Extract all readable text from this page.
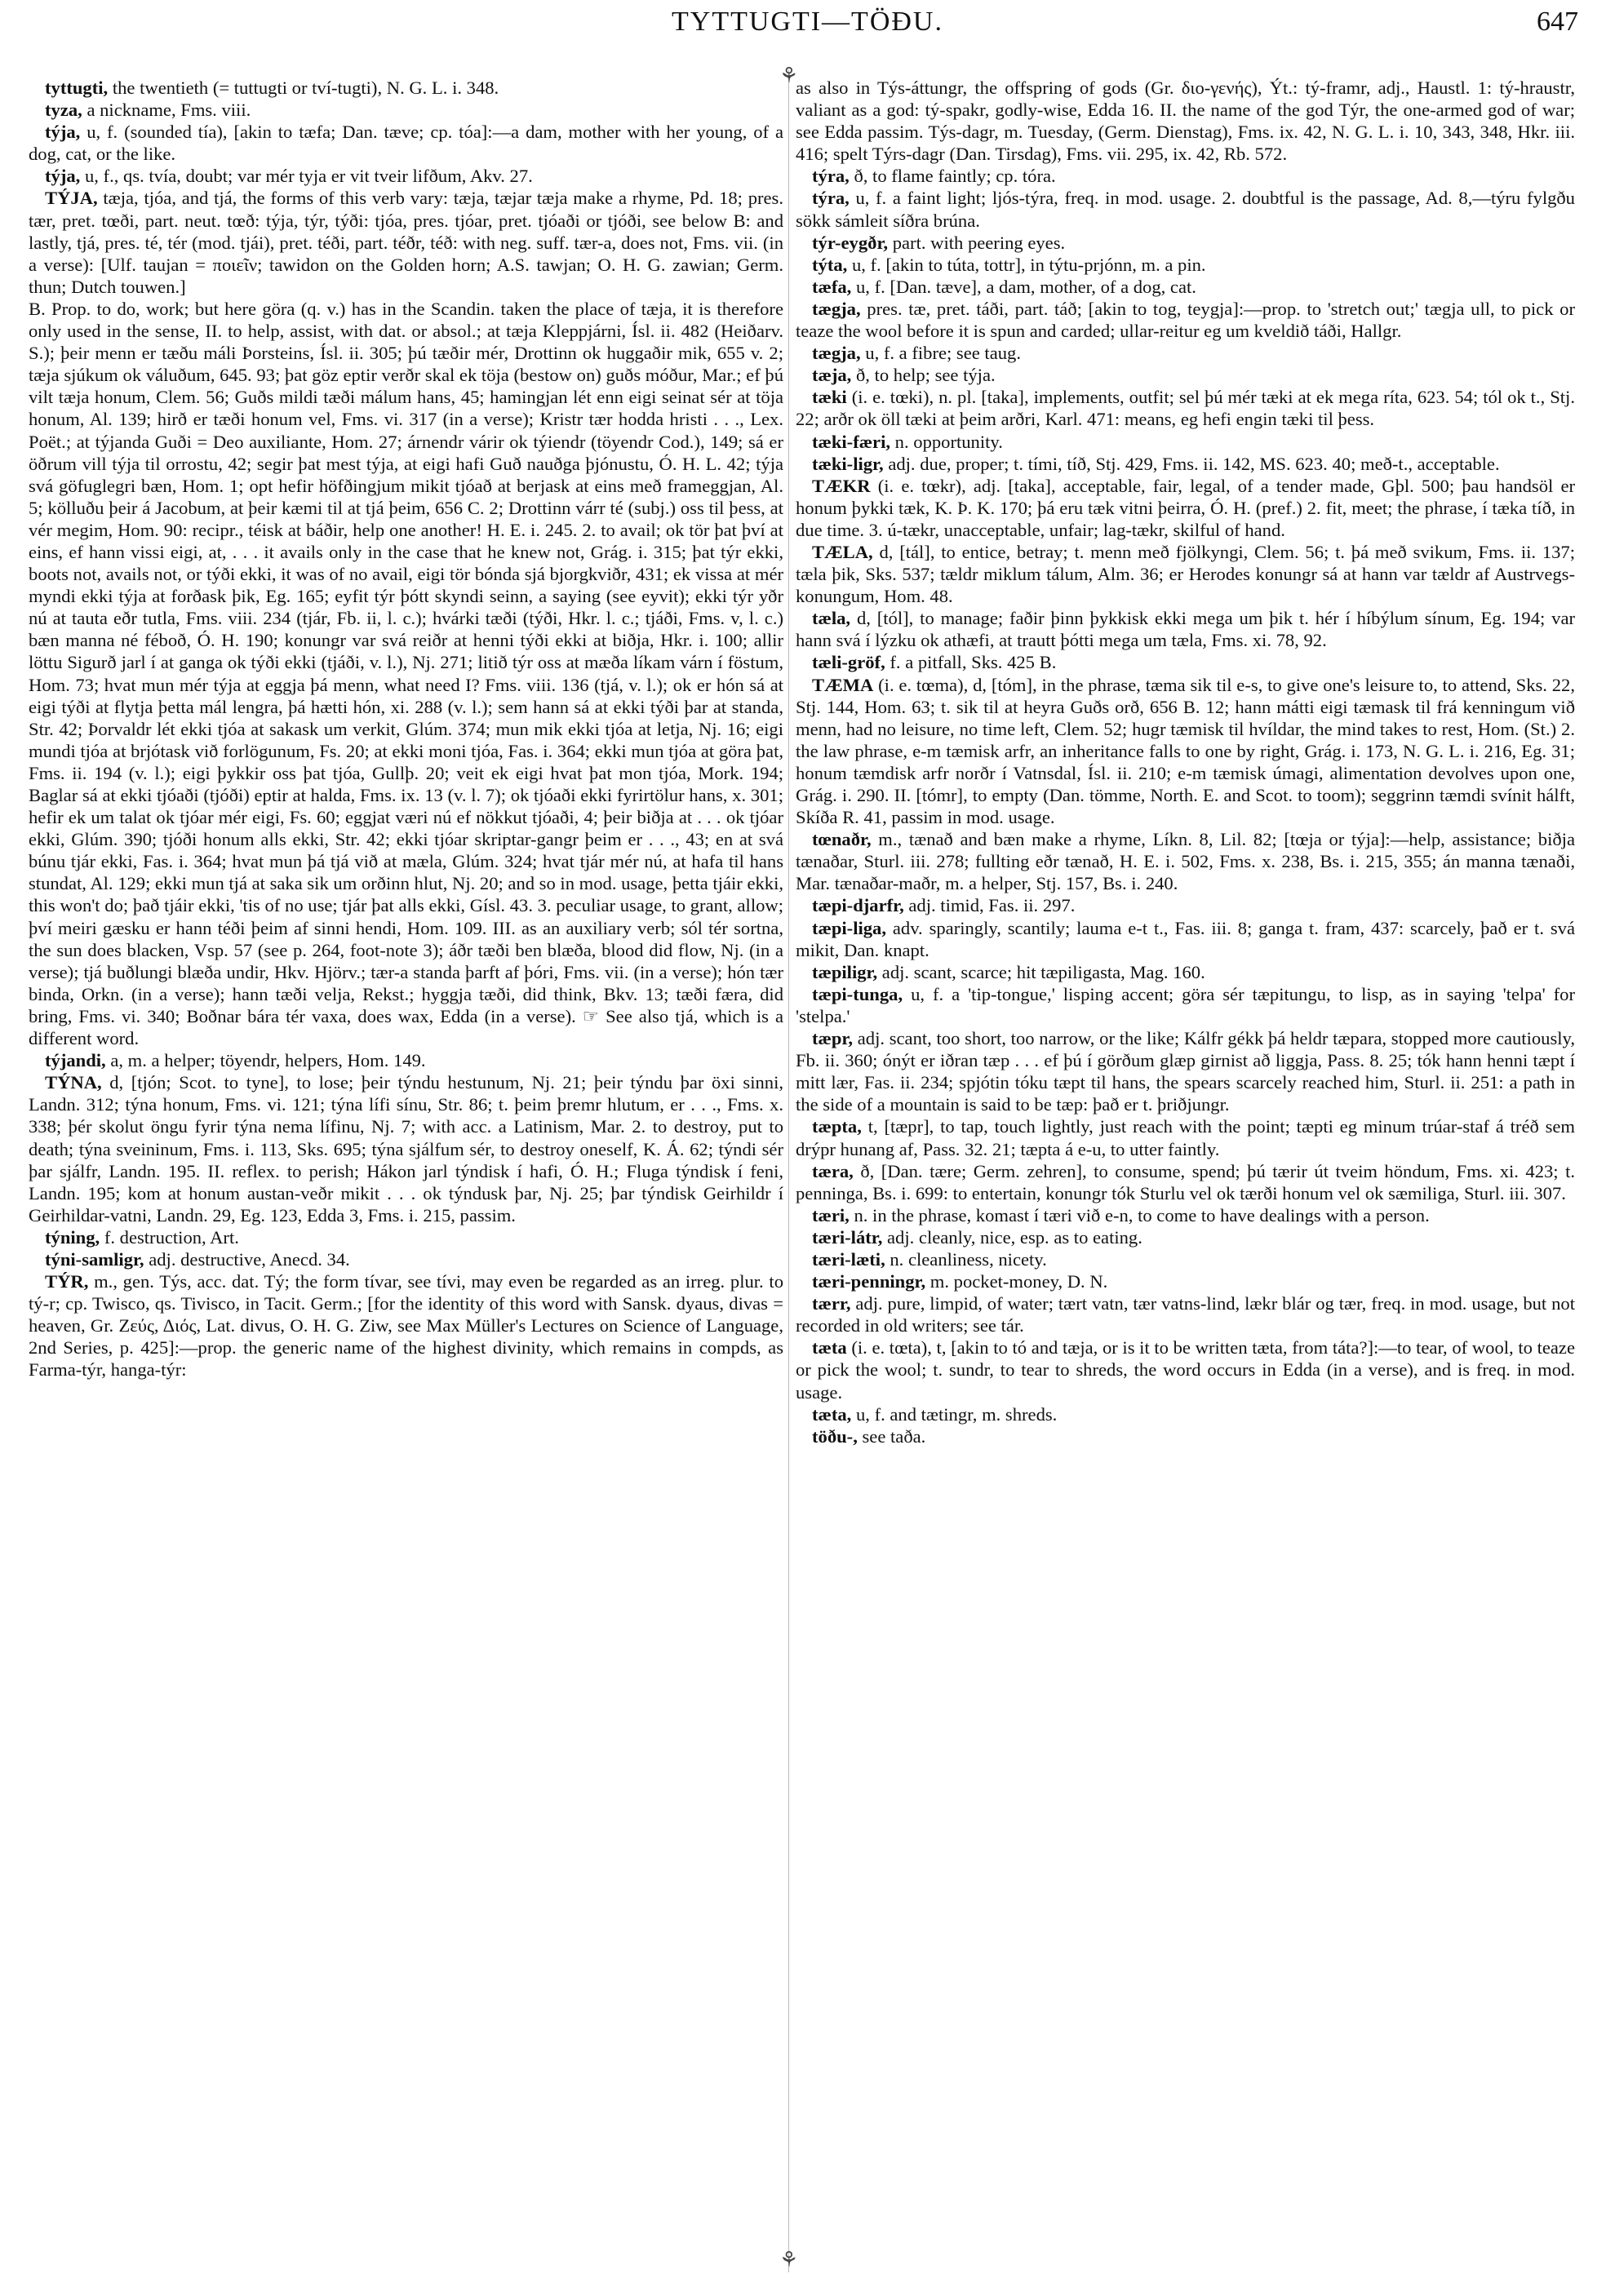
TYTTUGTI—TÖÐU.	647
⚘
⚘

tyttugti, the twentieth (= tuttugti or tví-tugti), N. G. L. i. 348.

tyza, a nickname, Fms. viii.

týja, u, f. (sounded tía), [akin to tæfa; Dan. tæve; cp. tóa]:—a dam, mother with her young, of a dog, cat, or the like.

týja, u, f., qs. tvía, doubt; var mér tyja er vit tveir lifðum, Akv. 27.

TÝJA, tæja, tjóa, and tjá, the forms of this verb vary: tæja, tæjar tæja make a rhyme, Pd. 18; pres. tær, pret. tœði, part. neut. tœð: týja, týr, týði: tjóa, pres. tjóar, pret. tjóaði or tjóði, see below B: and lastly, tjá, pres. té, tér (mod. tjái), pret. téði, part. téðr, téð: with neg. suff. tær-a, does not, Fms. vii. (in a verse): [Ulf. taujan = ποιεῖν; tawidon on the Golden horn; A.S. tawjan; O. H. G. zawian; Germ. thun; Dutch touwen.]

B. Prop. to do, work; but here göra (q. v.) has in the Scandin. taken the place of tæja, it is therefore only used in the sense, II. to help, assist, with dat. or absol.; at tæja Kleppjárni, Ísl. ii. 482 (Heiðarv. S.); þeir menn er tæðu máli Þorsteins, Ísl. ii. 305; þú tæðir mér, Drottinn ok huggaðir mik, 655 v. 2; tæja sjúkum ok váluðum, 645. 93; þat göz eptir verðr skal ek töja (bestow on) guðs móður, Mar.; ef þú vilt tæja honum, Clem. 56; Guðs mildi tæði málum hans, 45; hamingjan lét enn eigi seinat sér at töja honum, Al. 139; hirð er tæði honum vel, Fms. vi. 317 (in a verse); Kristr tær hodda hristi . . ., Lex. Poët.; at týjanda Guði = Deo auxiliante, Hom. 27; árnendr várir ok týiendr (töyendr Cod.), 149; sá er öðrum vill týja til orrostu, 42; segir þat mest týja, at eigi hafi Guð nauðga þjónustu, Ó. H. L. 42; týja svá göfuglegri bæn, Hom. 1; opt hefir höfðingjum mikit tjóað at berjask at eins með frameggjan, Al. 5; kölluðu þeir á Jacobum, at þeir kæmi til at tjá þeim, 656 C. 2; Drottinn várr té (subj.) oss til þess, at vér megim, Hom. 90: recipr., téisk at báðir, help one another! H. E. i. 245. 2. to avail; ok tör þat því at eins, ef hann vissi eigi, at, . . . it avails only in the case that he knew not, Grág. i. 315; þat týr ekki, boots not, avails not, or týði ekki, it was of no avail, eigi tör bónda sjá bjorgkviðr, 431; ek vissa at mér myndi ekki týja at forðask þik, Eg. 165; eyfit týr þótt skyndi seinn, a saying (see eyvit); ekki týr yðr nú at tauta eðr tutla, Fms. viii. 234 (tjár, Fb. ii, l. c.); hvárki tæði (týði, Hkr. l. c.; tjáði, Fms. v, l. c.) bæn manna né féboð, Ó. H. 190; konungr var svá reiðr at henni týði ekki at biðja, Hkr. i. 100; allir löttu Sigurð jarl í at ganga ok týði ekki (tjáði, v. l.), Nj. 271; litið týr oss at mæða líkam várn í föstum, Hom. 73; hvat mun mér týja at eggja þá menn, what need I? Fms. viii. 136 (tjá, v. l.); ok er hón sá at eigi týði at flytja þetta mál lengra, þá hætti hón, xi. 288 (v. l.); sem hann sá at ekki týði þar at standa, Str. 42; Þorvaldr lét ekki tjóa at sakask um verkit, Glúm. 374; mun mik ekki tjóa at letja, Nj. 16; eigi mundi tjóa at brjótask við forlögunum, Fs. 20; at ekki moni tjóa, Fas. i. 364; ekki mun tjóa at göra þat, Fms. ii. 194 (v. l.); eigi þykkir oss þat tjóa, Gullþ. 20; veit ek eigi hvat þat mon tjóa, Mork. 194; Baglar sá at ekki tjóaði (tjóði) eptir at halda, Fms. ix. 13 (v. l. 7); ok tjóaði ekki fyrirtölur hans, x. 301; hefir ek um talat ok tjóar mér eigi, Fs. 60; eggjat væri nú ef nökkut tjóaði, 4; þeir biðja at . . . ok tjóar ekki, Glúm. 390; tjóði honum alls ekki, Str. 42; ekki tjóar skriptar-gangr þeim er . . ., 43; en at svá búnu tjár ekki, Fas. i. 364; hvat mun þá tjá við at mæla, Glúm. 324; hvat tjár mér nú, at hafa til hans stundat, Al. 129; ekki mun tjá at saka sik um orðinn hlut, Nj. 20; and so in mod. usage, þetta tjáir ekki, this won't do; það tjáir ekki, 'tis of no use; tjár þat alls ekki, Gísl. 43. 3. peculiar usage, to grant, allow; því meiri gæsku er hann téði þeim af sinni hendi, Hom. 109. III. as an auxiliary verb; sól tér sortna, the sun does blacken, Vsp. 57 (see p. 264, foot-note 3); áðr tæði ben blæða, blood did flow, Nj. (in a verse); tjá buðlungi blæða undir, Hkv. Hjörv.; tær-a standa þarft af þóri, Fms. vii. (in a verse); hón tær binda, Orkn. (in a verse); hann tæði velja, Rekst.; hyggja tæði, did think, Bkv. 13; tæði færa, did bring, Fms. vi. 340; Boðnar bára tér vaxa, does wax, Edda (in a verse). ☞ See also tjá, which is a different word.

týjandi, a, m. a helper; töyendr, helpers, Hom. 149.

TÝNA, d, [tjón; Scot. to tyne], to lose; þeir týndu hestunum, Nj. 21; þeir týndu þar öxi sinni, Landn. 312; týna honum, Fms. vi. 121; týna lífi sínu, Str. 86; t. þeim þremr hlutum, er . . ., Fms. x. 338; þér skolut öngu fyrir týna nema lífinu, Nj. 7; with acc. a Latinism, Mar. 2. to destroy, put to death; týna sveininum, Fms. i. 113, Sks. 695; týna sjálfum sér, to destroy oneself, K. Á. 62; týndi sér þar sjálfr, Landn. 195. II. reflex. to perish; Hákon jarl týndisk í hafi, Ó. H.; Fluga týndisk í feni, Landn. 195; kom at honum austan-veðr mikit . . . ok týndusk þar, Nj. 25; þar týndisk Geirhildr í Geirhildar-vatni, Landn. 29, Eg. 123, Edda 3, Fms. i. 215, passim.

týning, f. destruction, Art.

týni-samligr, adj. destructive, Anecd. 34.

TÝR, m., gen. Týs, acc. dat. Tý; the form tívar, see tívi, may even be regarded as an irreg. plur. to tý-r; cp. Twisco, qs. Tivisco, in Tacit. Germ.; [for the identity of this word with Sansk. dyaus, divas = heaven, Gr. Ζεύς, Διός, Lat. divus, O. H. G. Ziw, see Max Müller's Lectures on Science of Language, 2nd Series, p. 425]:—prop. the generic name of the highest divinity, which remains in compds, as Farma-týr, hanga-týr:

as also in Týs-áttungr, the offspring of gods (Gr. διο-γενής), Ýt.: tý-framr, adj., Haustl. 1: tý-hraustr, valiant as a god: tý-spakr, godly-wise, Edda 16. II. the name of the god Týr, the one-armed god of war; see Edda passim. Týs-dagr, m. Tuesday, (Germ. Dienstag), Fms. ix. 42, N. G. L. i. 10, 343, 348, Hkr. iii. 416; spelt Týrs-dagr (Dan. Tirsdag), Fms. vii. 295, ix. 42, Rb. 572.

týra, ð, to flame faintly; cp. tóra.

týra, u, f. a faint light; ljós-týra, freq. in mod. usage. 2. doubtful is the passage, Ad. 8,—týru fylgðu sökk sámleit síðra brúna.

týr-eygðr, part. with peering eyes.

týta, u, f. [akin to túta, tottr], in týtu-prjónn, m. a pin.

tæfa, u, f. [Dan. tæve], a dam, mother, of a dog, cat.

tægja, pres. tæ, pret. táði, part. táð; [akin to tog, teygja]:—prop. to 'stretch out;' tægja ull, to pick or teaze the wool before it is spun and carded; ullar-reitur eg um kveldið táði, Hallgr.

tægja, u, f. a fibre; see taug.

tæja, ð, to help; see týja.

tæki (i. e. tœki), n. pl. [taka], implements, outfit; sel þú mér tæki at ek mega ríta, 623. 54; tól ok t., Stj. 22; arðr ok öll tæki at þeim arðri, Karl. 471: means, eg hefi engin tæki til þess.

tæki-færi, n. opportunity.

tæki-ligr, adj. due, proper; t. tími, tíð, Stj. 429, Fms. ii. 142, MS. 623. 40; með-t., acceptable.

TÆKR (i. e. tœkr), adj. [taka], acceptable, fair, legal, of a tender made, Gþl. 500; þau handsöl er honum þykki tæk, K. Þ. K. 170; þá eru tæk vitni þeirra, Ó. H. (pref.) 2. fit, meet; the phrase, í tæka tíð, in due time. 3. ú-tækr, unacceptable, unfair; lag-tækr, skilful of hand.

TÆLA, d, [tál], to entice, betray; t. menn með fjölkyngi, Clem. 56; t. þá með svikum, Fms. ii. 137; tæla þik, Sks. 537; tældr miklum tálum, Alm. 36; er Herodes konungr sá at hann var tældr af Austrvegs-konungum, Hom. 48.

tæla, d, [tól], to manage; faðir þinn þykkisk ekki mega um þik t. hér í híbýlum sínum, Eg. 194; var hann svá í lýzku ok athæfi, at trautt þótti mega um tæla, Fms. xi. 78, 92.

tæli-gröf, f. a pitfall, Sks. 425 B.

TÆMA (i. e. tœma), d, [tóm], in the phrase, tæma sik til e-s, to give one's leisure to, to attend, Sks. 22, Stj. 144, Hom. 63; t. sik til at heyra Guðs orð, 656 B. 12; hann mátti eigi tæmask til frá kenningum við menn, had no leisure, no time left, Clem. 52; hugr tæmisk til hvíldar, the mind takes to rest, Hom. (St.) 2. the law phrase, e-m tæmisk arfr, an inheritance falls to one by right, Grág. i. 173, N. G. L. i. 216, Eg. 31; honum tæmdisk arfr norðr í Vatnsdal, Ísl. ii. 210; e-m tæmisk úmagi, alimentation devolves upon one, Grág. i. 290. II. [tómr], to empty (Dan. tömme, North. E. and Scot. to toom); seggrinn tæmdi svínit hálft, Skíða R. 41, passim in mod. usage.

tœnaðr, m., tænað and bæn make a rhyme, Líkn. 8, Lil. 82; [tœja or týja]:—help, assistance; biðja tænaðar, Sturl. iii. 278; fullting eðr tænað, H. E. i. 502, Fms. x. 238, Bs. i. 215, 355; án manna tænaði, Mar. tænaðar-maðr, m. a helper, Stj. 157, Bs. i. 240.

tæpi-djarfr, adj. timid, Fas. ii. 297.

tæpi-liga, adv. sparingly, scantily; lauma e-t t., Fas. iii. 8; ganga t. fram, 437: scarcely, það er t. svá mikit, Dan. knapt.

tæpiligr, adj. scant, scarce; hit tæpiligasta, Mag. 160.

tæpi-tunga, u, f. a 'tip-tongue,' lisping accent; göra sér tæpitungu, to lisp, as in saying 'telpa' for 'stelpa.'

tæpr, adj. scant, too short, too narrow, or the like; Kálfr gékk þá heldr tæpara, stopped more cautiously, Fb. ii. 360; ónýt er iðran tæp . . . ef þú í görðum glæp girnist að liggja, Pass. 8. 25; tók hann henni tæpt í mitt lær, Fas. ii. 234; spjótin tóku tæpt til hans, the spears scarcely reached him, Sturl. ii. 251: a path in the side of a mountain is said to be tæp: það er t. þriðjungr.

tæpta, t, [tæpr], to tap, touch lightly, just reach with the point; tæpti eg minum trúar-staf á tréð sem drýpr hunang af, Pass. 32. 21; tæpta á e-u, to utter faintly.

tæra, ð, [Dan. tære; Germ. zehren], to consume, spend; þú tærir út tveim höndum, Fms. xi. 423; t. penninga, Bs. i. 699: to entertain, konungr tók Sturlu vel ok tærði honum vel ok sæmiliga, Sturl. iii. 307.

tæri, n. in the phrase, komast í tæri við e-n, to come to have dealings with a person.

tæri-látr, adj. cleanly, nice, esp. as to eating.

tæri-læti, n. cleanliness, nicety.

tæri-penningr, m. pocket-money, D. N.

tærr, adj. pure, limpid, of water; tært vatn, tær vatns-lind, lækr blár og tær, freq. in mod. usage, but not recorded in old writers; see tár.

tæta (i. e. tœta), t, [akin to tó and tæja, or is it to be written tæta, from táta?]:—to tear, of wool, to teaze or pick the wool; t. sundr, to tear to shreds, the word occurs in Edda (in a verse), and is freq. in mod. usage.

tæta, u, f. and tætingr, m. shreds.

töðu-, see taða.
